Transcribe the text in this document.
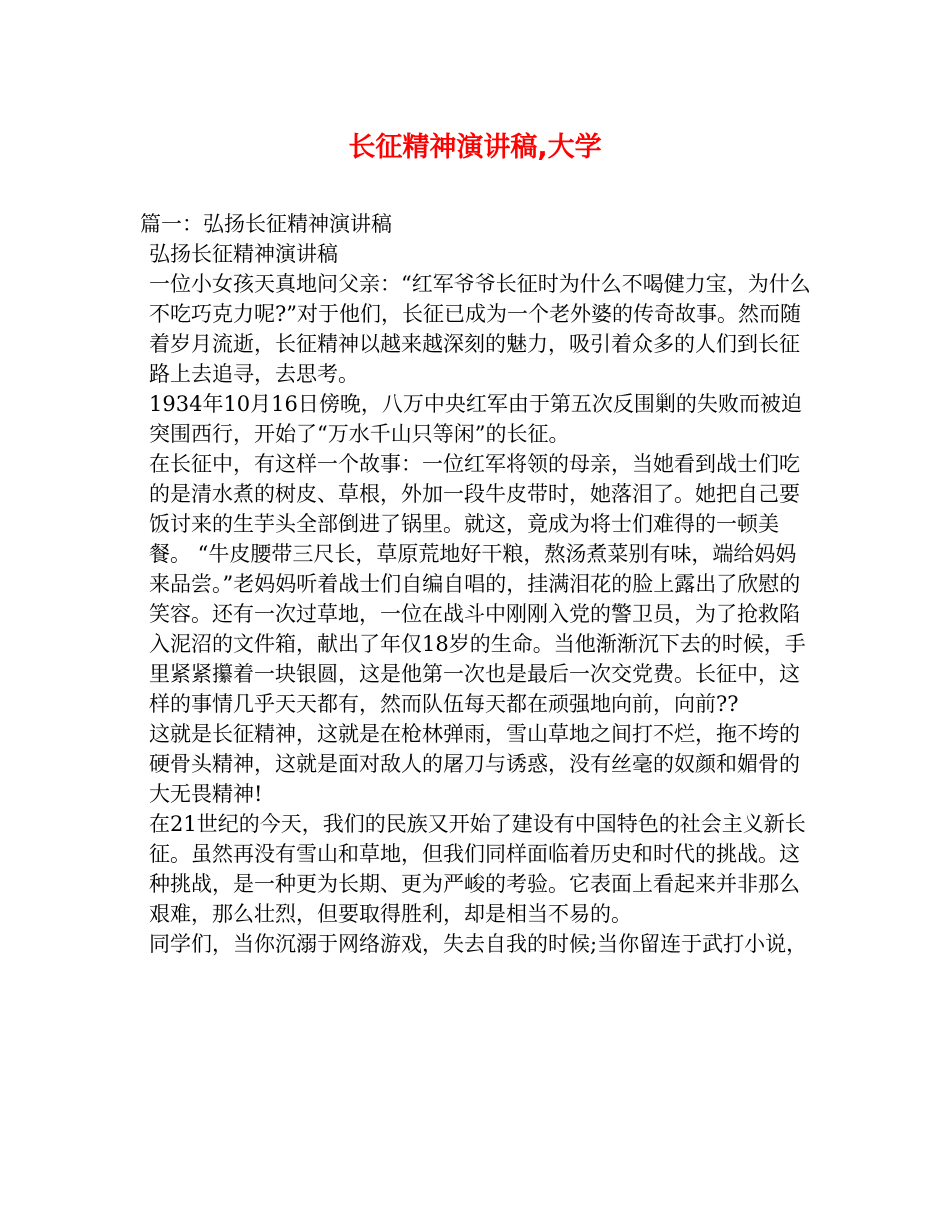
长征精神演讲稿,大学

篇一：弘扬长征精神演讲稿

弘扬长征精神演讲稿

一位小女孩天真地问父亲：“红军爷爷长征时为什么不喝健力宝，为什么不吃巧克力呢?”对于他们，长征已成为一个老外婆的传奇故事。然而随着岁月流逝，长征精神以越来越深刻的魅力，吸引着众多的人们到长征路上去追寻，去思考。

1934年10月16日傍晚，八万中央红军由于第五次反围剿的失败而被迫突围西行，开始了“万水千山只等闲”的长征。

在长征中，有这样一个故事：一位红军将领的母亲，当她看到战士们吃的是清水煮的树皮、草根，外加一段牛皮带时，她落泪了。她把自己要饭讨来的生芋头全部倒进了锅里。就这，竟成为将士们难得的一顿美餐。 “牛皮腰带三尺长，草原荒地好干粮，熬汤煮菜别有味，端给妈妈来品尝。”老妈妈听着战士们自编自唱的，挂满泪花的脸上露出了欣慰的笑容。还有一次过草地，一位在战斗中刚刚入党的警卫员，为了抢救陷入泥沼的文件箱，献出了年仅18岁的生命。当他渐渐沉下去的时候，手里紧紧攥着一块银圆，这是他第一次也是最后一次交党费。长征中，这样的事情几乎天天都有，然而队伍每天都在顽强地向前，向前??

这就是长征精神，这就是在枪林弹雨，雪山草地之间打不烂，拖不垮的硬骨头精神，这就是面对敌人的屠刀与诱惑，没有丝毫的奴颜和媚骨的大无畏精神!

在21世纪的今天，我们的民族又开始了建设有中国特色的社会主义新长征。虽然再没有雪山和草地，但我们同样面临着历史和时代的挑战。这种挑战，是一种更为长期、更为严峻的考验。它表面上看起来并非那么艰难，那么壮烈，但要取得胜利，却是相当不易的。

同学们，当你沉溺于网络游戏，失去自我的时候;当你留连于武打小说，
